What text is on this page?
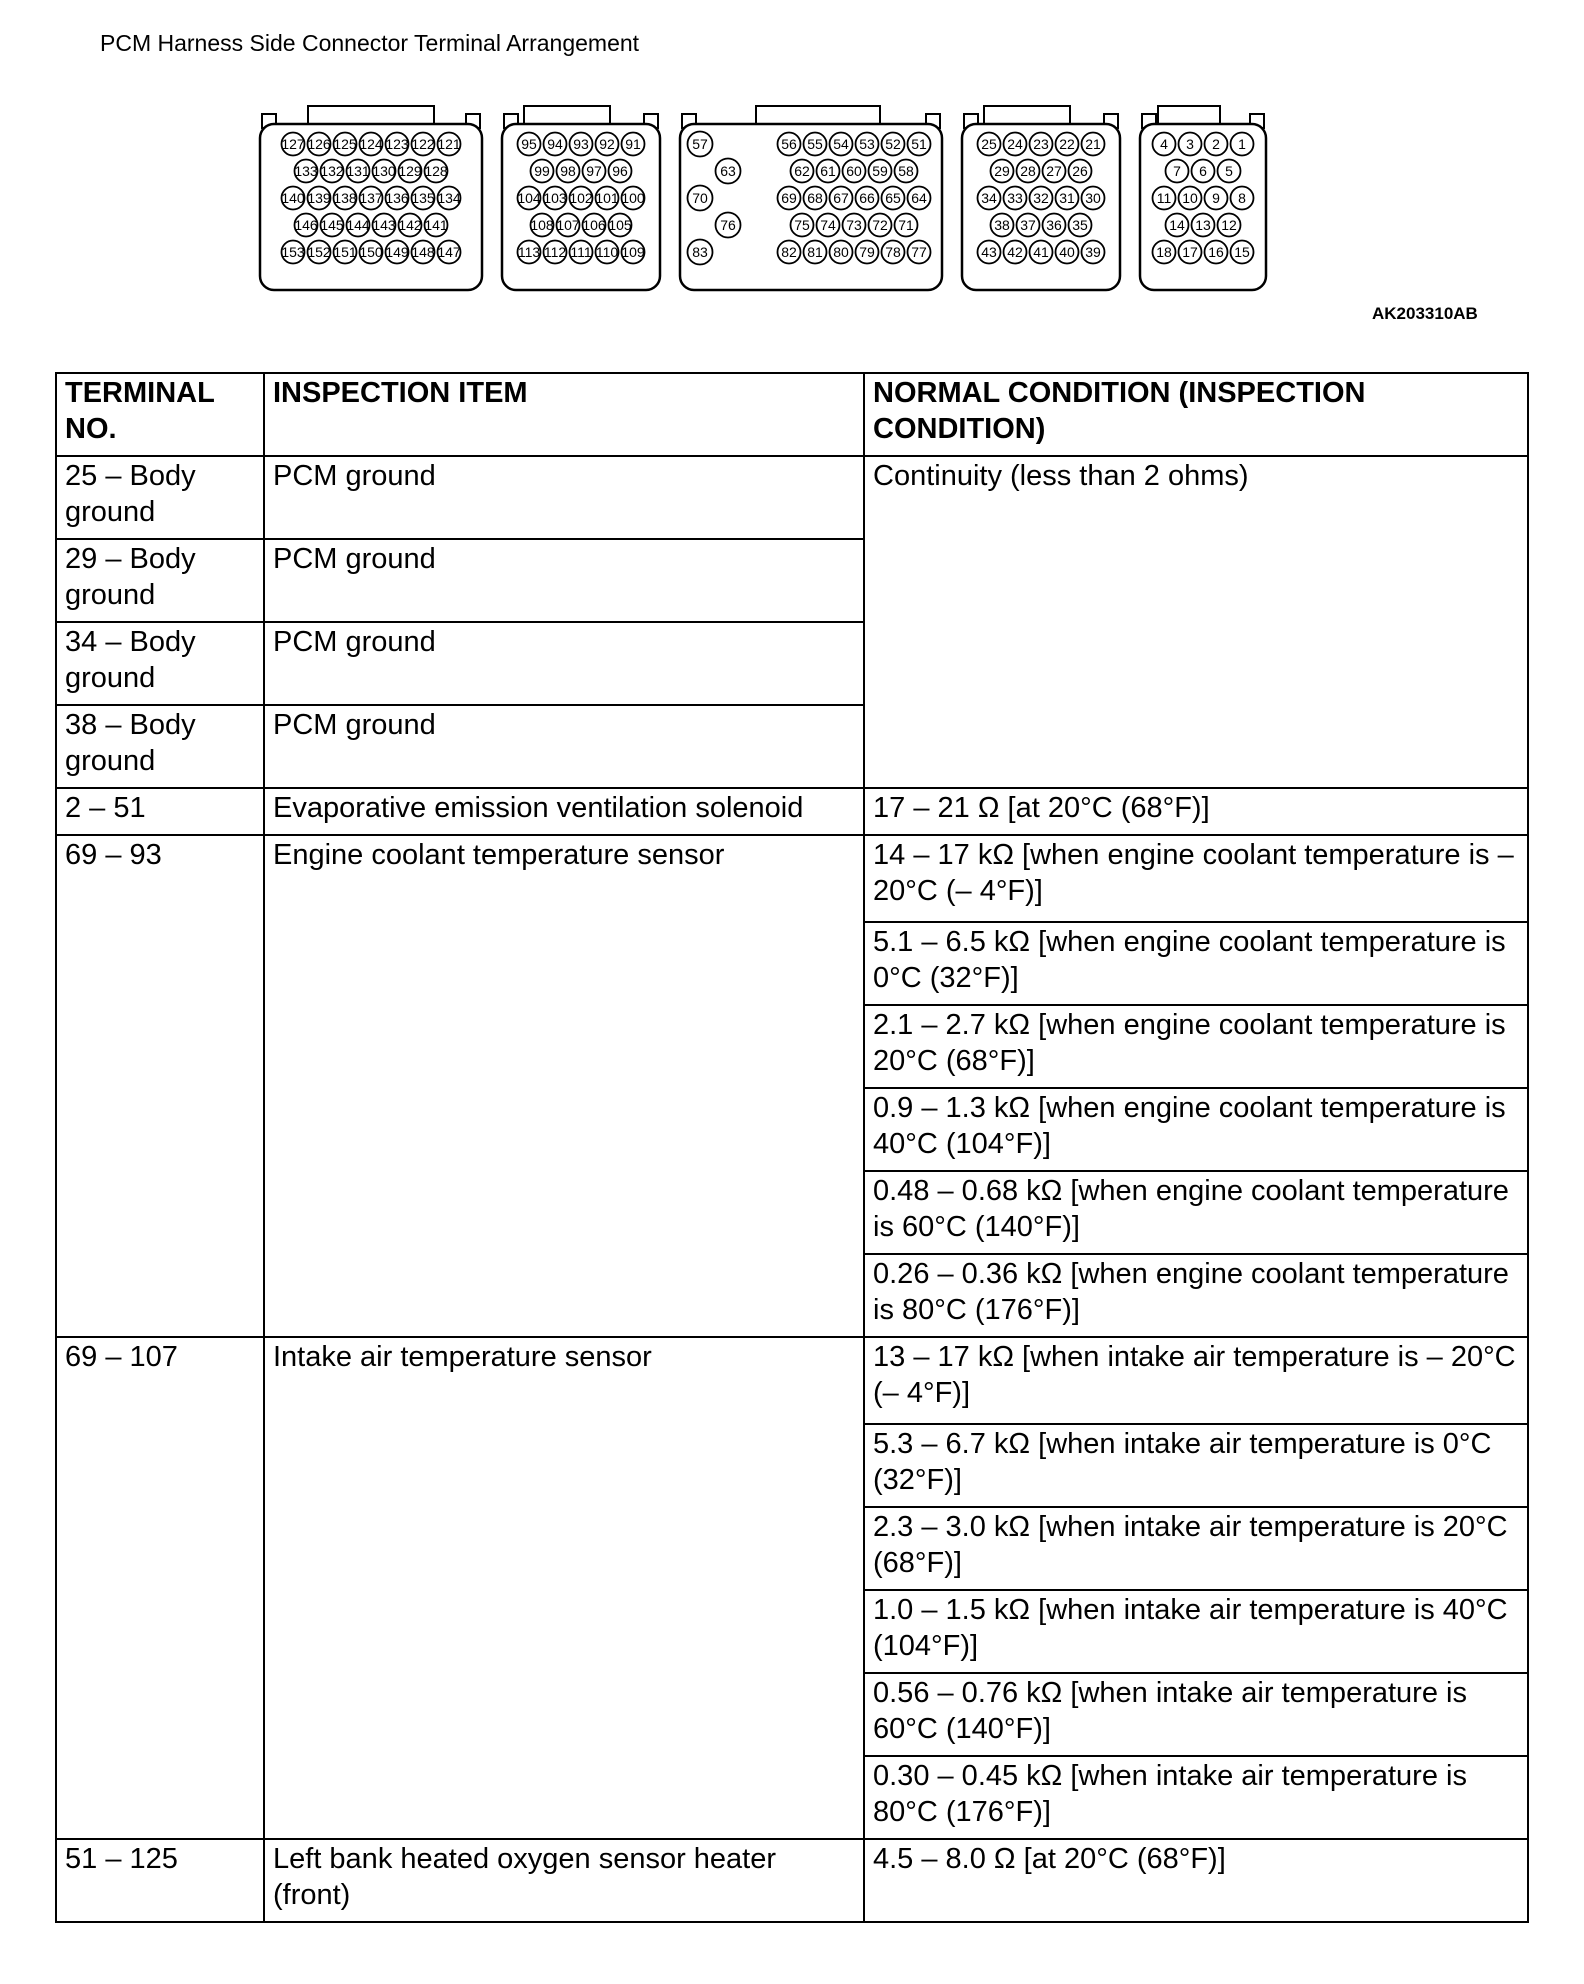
PCM Harness Side Connector Terminal Arrangement
127 126 125 124 123 122 121
133 132 131 130 129 128
140 139 138 137 136 135 134
146 145 144 143 142 141
153 152 151 150 149 148 147
95 94 93 92 91
99 98 97 96
104 103 102 101 100
108 107 106 105
113 112 111 110 109
56 55 54 53 52 51
62 61 60 59 58
69 68 67 66 65 64
75 74 73 72 71
82 81 80 79 78 77
57
63
70
76
83
25 24 23 22 21
29 28 27 26
34 33 32 31 30
38 37 36 35
43 42 41 40 39
4 3 2 1
7 6 5
11 10 9 8
14 13 12
18 17 16 15
AK203310AB
TERMINAL NO.	INSPECTION ITEM	NORMAL CONDITION (INSPECTION CONDITION)
25 – Body ground	PCM ground	Continuity (less than 2 ohms)
29 – Body ground	PCM ground	
34 – Body ground	PCM ground	
38 – Body ground	PCM ground	
2 – 51	Evaporative emission ventilation solenoid	17 – 21 Ω [at 20°C (68°F)]
69 – 93	Engine coolant temperature sensor	14 – 17 kΩ [when engine coolant temperature is – 20°C (– 4°F)]
		5.1 – 6.5 kΩ [when engine coolant temperature is 0°C (32°F)]
		2.1 – 2.7 kΩ [when engine coolant temperature is 20°C (68°F)]
		0.9 – 1.3 kΩ [when engine coolant temperature is 40°C (104°F)]
		0.48 – 0.68 kΩ [when engine coolant temperature is 60°C (140°F)]
		0.26 – 0.36 kΩ [when engine coolant temperature is 80°C (176°F)]
69 – 107	Intake air temperature sensor	13 – 17 kΩ [when intake air temperature is – 20°C (– 4°F)]
		5.3 – 6.7 kΩ [when intake air temperature is 0°C (32°F)]
		2.3 – 3.0 kΩ [when intake air temperature is 20°C (68°F)]
		1.0 – 1.5 kΩ [when intake air temperature is 40°C (104°F)]
		0.56 – 0.76 kΩ [when intake air temperature is 60°C (140°F)]
		0.30 – 0.45 kΩ [when intake air temperature is 80°C (176°F)]
51 – 125	Left bank heated oxygen sensor heater (front)	4.5 – 8.0 Ω [at 20°C (68°F)]
